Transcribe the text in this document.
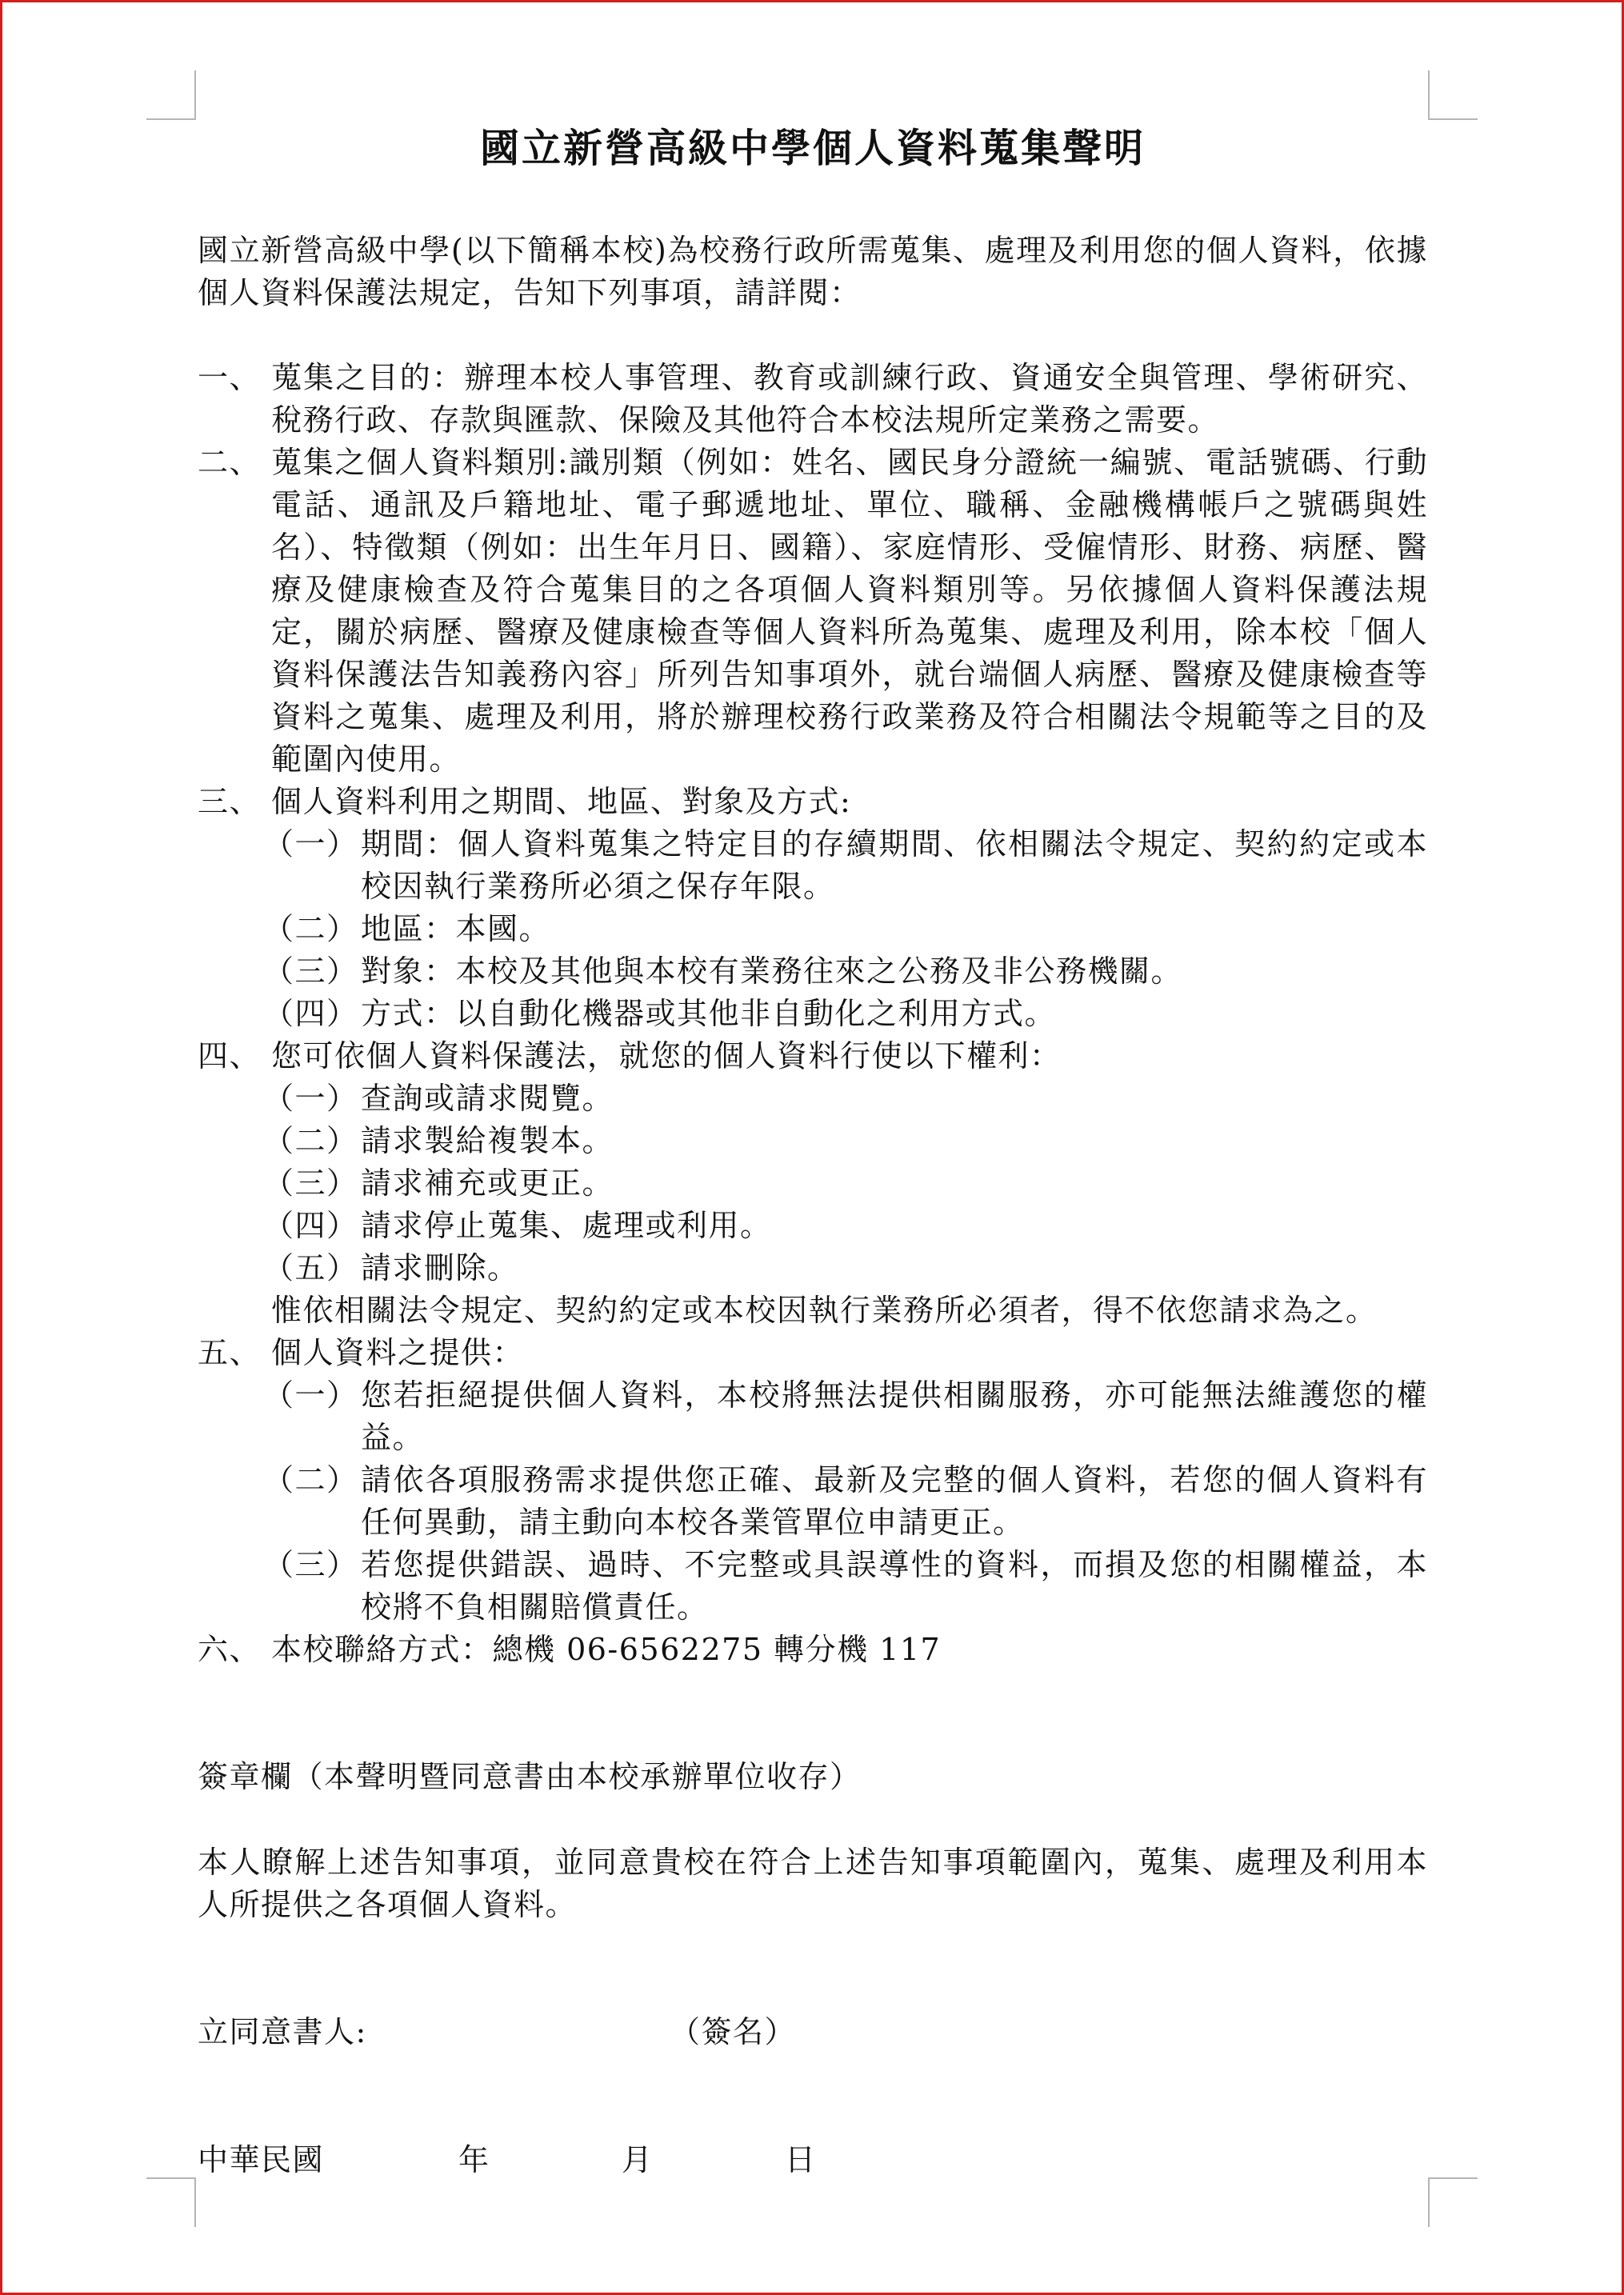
國立新營高級中學個人資料蒐集聲明

國立新營高級中學(以下簡稱本校)為校務行政所需蒐集、處理及利用您的個人資料，依據個人資料保護法規定，告知下列事項，請詳閱：

一、 蒐集之目的：辦理本校人事管理、教育或訓練行政、資通安全與管理、學術研究、稅務行政、存款與匯款、保險及其他符合本校法規所定業務之需要。
二、 蒐集之個人資料類別:識別類（例如：姓名、國民身分證統一編號、電話號碼、行動電話、通訊及戶籍地址、電子郵遞地址、單位、職稱、金融機構帳戶之號碼與姓名）、特徵類（例如：出生年月日、國籍）、家庭情形、受僱情形、財務、病歷、醫療及健康檢查及符合蒐集目的之各項個人資料類別等。另依據個人資料保護法規定，關於病歷、醫療及健康檢查等個人資料所為蒐集、處理及利用，除本校「個人資料保護法告知義務內容」所列告知事項外，就台端個人病歷、醫療及健康檢查等資料之蒐集、處理及利用，將於辦理校務行政業務及符合相關法令規範等之目的及範圍內使用。
三、 個人資料利用之期間、地區、對象及方式:
（一） 期間：個人資料蒐集之特定目的存續期間、依相關法令規定、契約約定或本校因執行業務所必須之保存年限。
（二） 地區：本國。
（三） 對象：本校及其他與本校有業務往來之公務及非公務機關。
（四） 方式：以自動化機器或其他非自動化之利用方式。
四、 您可依個人資料保護法，就您的個人資料行使以下權利：
（一） 查詢或請求閱覽。
（二） 請求製給複製本。
（三） 請求補充或更正。
（四） 請求停止蒐集、處理或利用。
（五） 請求刪除。
惟依相關法令規定、契約約定或本校因執行業務所必須者，得不依您請求為之。
五、 個人資料之提供：
（一） 您若拒絕提供個人資料，本校將無法提供相關服務，亦可能無法維護您的權益。
（二） 請依各項服務需求提供您正確、最新及完整的個人資料，若您的個人資料有任何異動，請主動向本校各業管單位申請更正。
（三） 若您提供錯誤、過時、不完整或具誤導性的資料，而損及您的相關權益，本校將不負相關賠償責任。
六、 本校聯絡方式：總機 06-6562275 轉分機 117
簽章欄（本聲明暨同意書由本校承辦單位收存）
本人瞭解上述告知事項，並同意貴校在符合上述告知事項範圍內，蒐集、處理及利用本人所提供之各項個人資料。
立同意書人:	（簽名）
中華民國	年	月	日
